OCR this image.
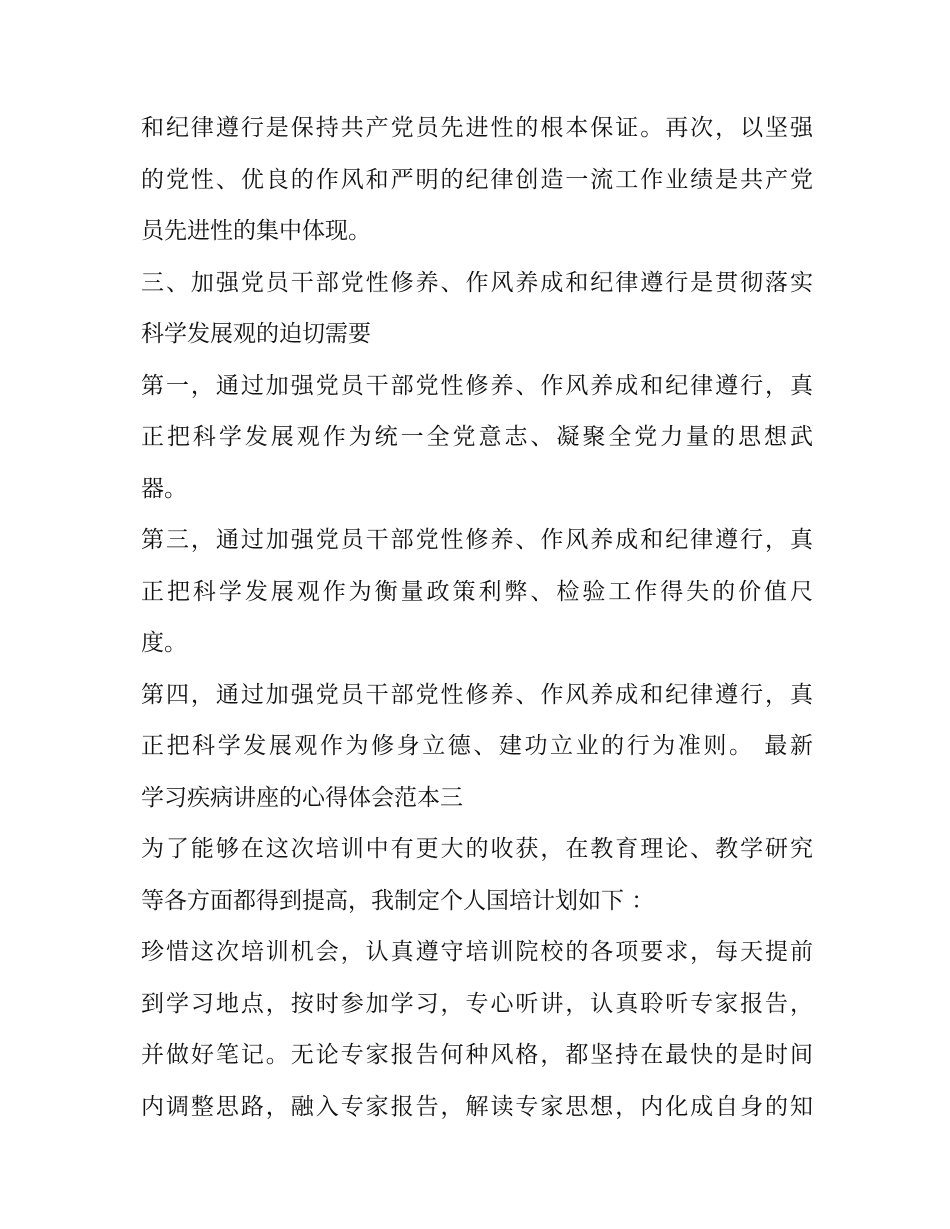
和纪律遵行是保持共产党员先进性的根本保证。再次，以坚强
的党性、优良的作风和严明的纪律创造一流工作业绩是共产党
员先进性的集中体现。
三、加强党员干部党性修养、作风养成和纪律遵行是贯彻落实
科学发展观的迫切需要
第一，通过加强党员干部党性修养、作风养成和纪律遵行，真
正把科学发展观作为统一全党意志、凝聚全党力量的思想武
器。
第三，通过加强党员干部党性修养、作风养成和纪律遵行，真
正把科学发展观作为衡量政策利弊、检验工作得失的价值尺
度。
第四，通过加强党员干部党性修养、作风养成和纪律遵行，真
正把科学发展观作为修身立德、建功立业的行为准则。 最新
学习疾病讲座的心得体会范本三
为了能够在这次培训中有更大的收获，在教育理论、教学研究
等各方面都得到提高，我制定个人国培计划如下 ：
珍惜这次培训机会，认真遵守培训院校的各项要求，每天提前
到学习地点，按时参加学习，专心听讲，认真聆听专家报告，
并做好笔记。无论专家报告何种风格，都坚持在最快的是时间
内调整思路，融入专家报告，解读专家思想，内化成自身的知
